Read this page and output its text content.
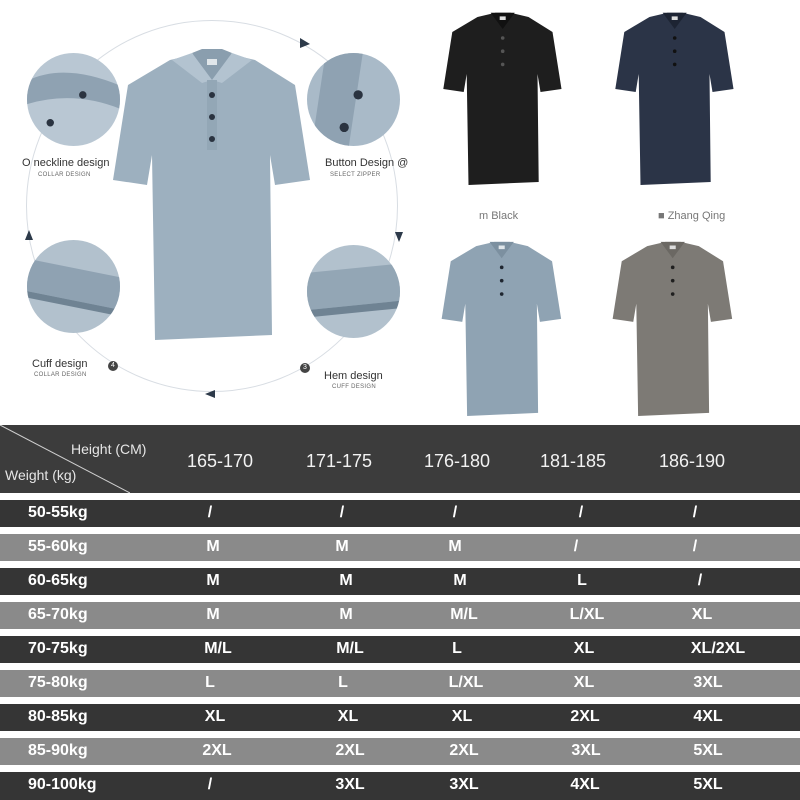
O neckline design
COLLAR DESIGN
Button Design @
SELECT ZIPPER
Cuff design
COLLAR DESIGN
4
Hem design
CUFF DESIGN
3
m Black	■ Zhang Qing
Height (CM)
Weight (kg)
165-170	171-175	176-180	181-185	186-190
50-55kg	/	/	/	/	/
55-60kg	M	M	M	/	/
60-65kg	M	M	M	L	/
65-70kg	M	M	M/L	L/XL	XL
70-75kg	M/L	M/L	L	XL	XL/2XL
75-80kg	L	L	L/XL	XL	3XL
80-85kg	XL	XL	XL	2XL	4XL
85-90kg	2XL	2XL	2XL	3XL	5XL
90-100kg	/	3XL	3XL	4XL	5XL
